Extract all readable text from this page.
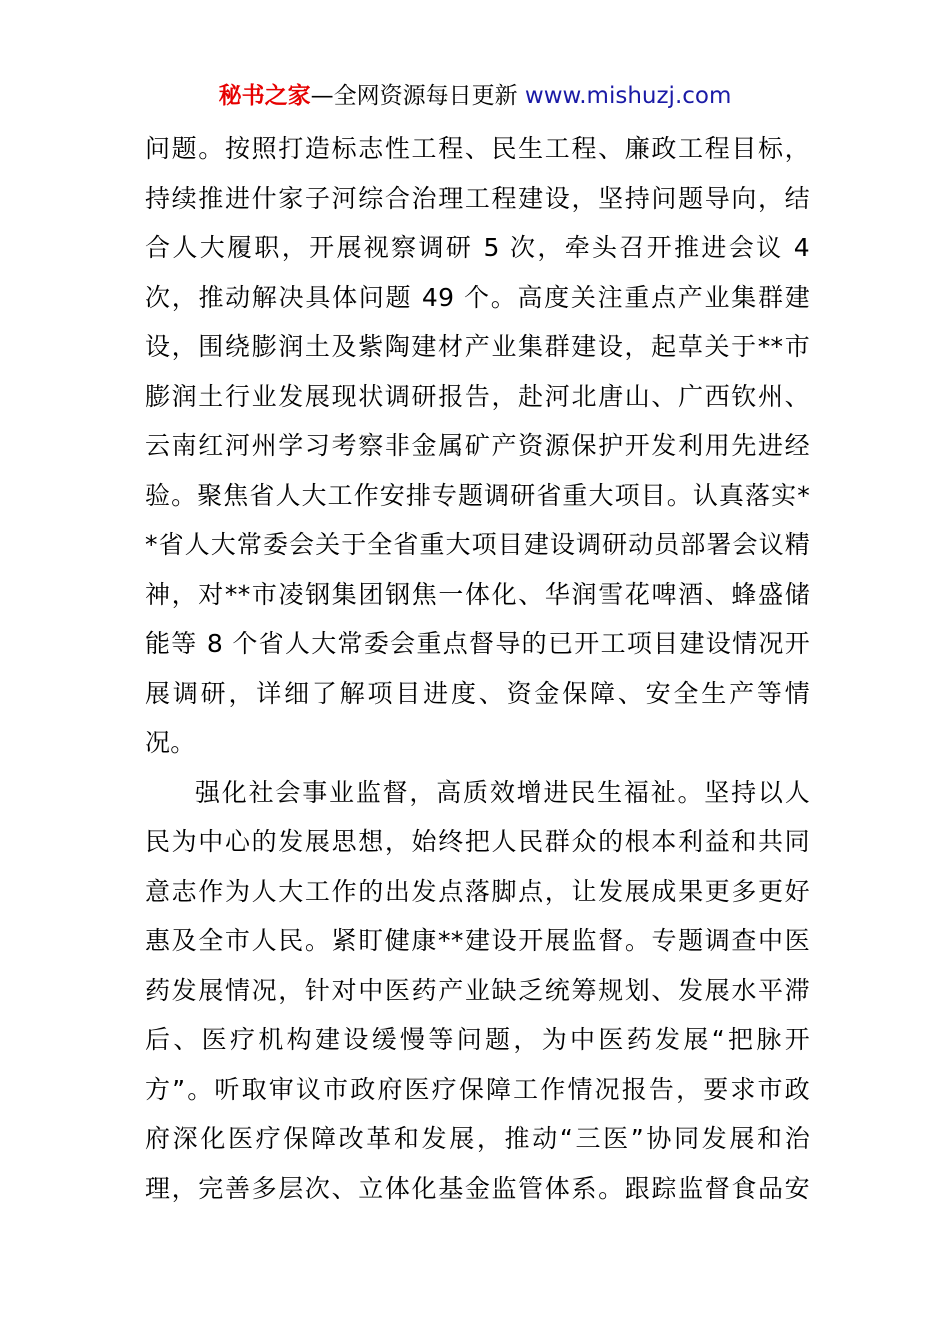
秘书之家—全网资源每日更新 www.mishuzj.com
问题。按照打造标志性工程、民生工程、廉政工程目标，
持续推进什家子河综合治理工程建设，坚持问题导向，结
合人大履职，开展视察调研 5 次，牵头召开推进会议 4
次，推动解决具体问题 49 个。高度关注重点产业集群建
设，围绕膨润土及紫陶建材产业集群建设，起草关于**市
膨润土行业发展现状调研报告，赴河北唐山、广西钦州、
云南红河州学习考察非金属矿产资源保护开发利用先进经
验。聚焦省人大工作安排专题调研省重大项目。认真落实*
*省人大常委会关于全省重大项目建设调研动员部署会议精
神，对**市凌钢集团钢焦一体化、华润雪花啤酒、蜂盛储
能等 8 个省人大常委会重点督导的已开工项目建设情况开
展调研，详细了解项目进度、资金保障、安全生产等情
况。
强化社会事业监督，高质效增进民生福祉。坚持以人
民为中心的发展思想，始终把人民群众的根本利益和共同
意志作为人大工作的出发点落脚点，让发展成果更多更好
惠及全市人民。紧盯健康**建设开展监督。专题调查中医
药发展情况，针对中医药产业缺乏统筹规划、发展水平滞
后、医疗机构建设缓慢等问题，为中医药发展“把脉开
方”。听取审议市政府医疗保障工作情况报告，要求市政
府深化医疗保障改革和发展，推动“三医”协同发展和治
理，完善多层次、立体化基金监管体系。跟踪监督食品安
